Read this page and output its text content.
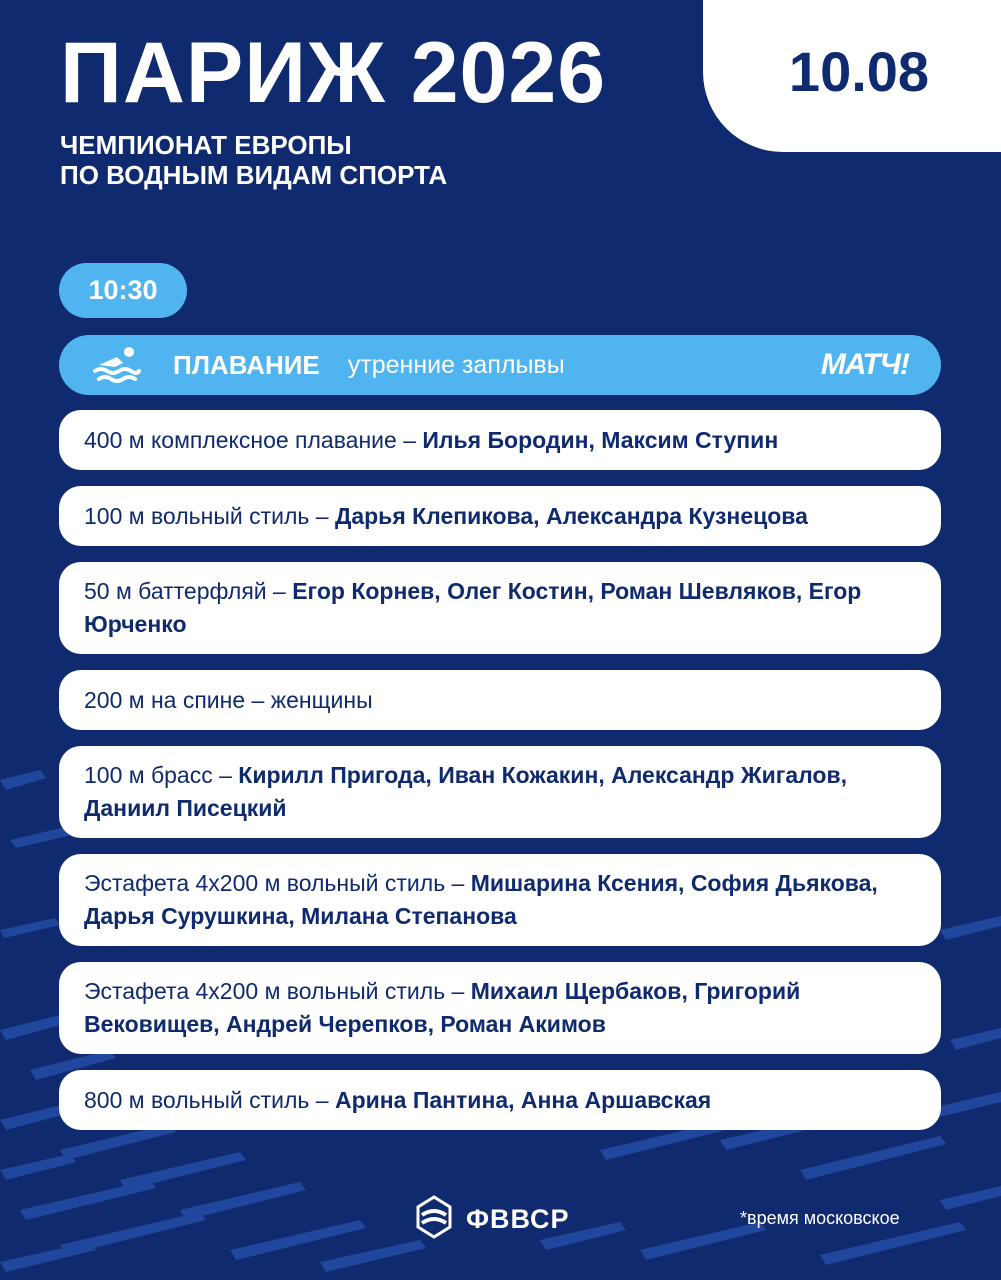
ПАРИЖ 2026
ЧЕМПИОНАТ ЕВРОПЫ
ПО ВОДНЫМ ВИДАМ СПОРТА
10.08
10:30
ПЛАВАНИЕ утренние заплывы	МАТЧ!
400 м комплексное плавание – Илья Бородин, Максим Ступин
100 м вольный стиль – Дарья Клепикова, Александра Кузнецова
50 м баттерфляй – Егор Корнев, Олег Костин, Роман Шевляков, Егор Юрченко
200 м на спине – женщины
100 м брасс – Кирилл Пригода, Иван Кожакин, Александр Жигалов, Даниил Писецкий
Эстафета 4х200 м вольный стиль – Мишарина Ксения, София Дьякова, Дарья Сурушкина, Милана Степанова
Эстафета 4х200 м вольный стиль – Михаил Щербаков, Григорий Вековищев, Андрей Черепков, Роман Акимов
800 м вольный стиль – Арина Пантина, Анна Аршавская
ФВВСР	*время московское
